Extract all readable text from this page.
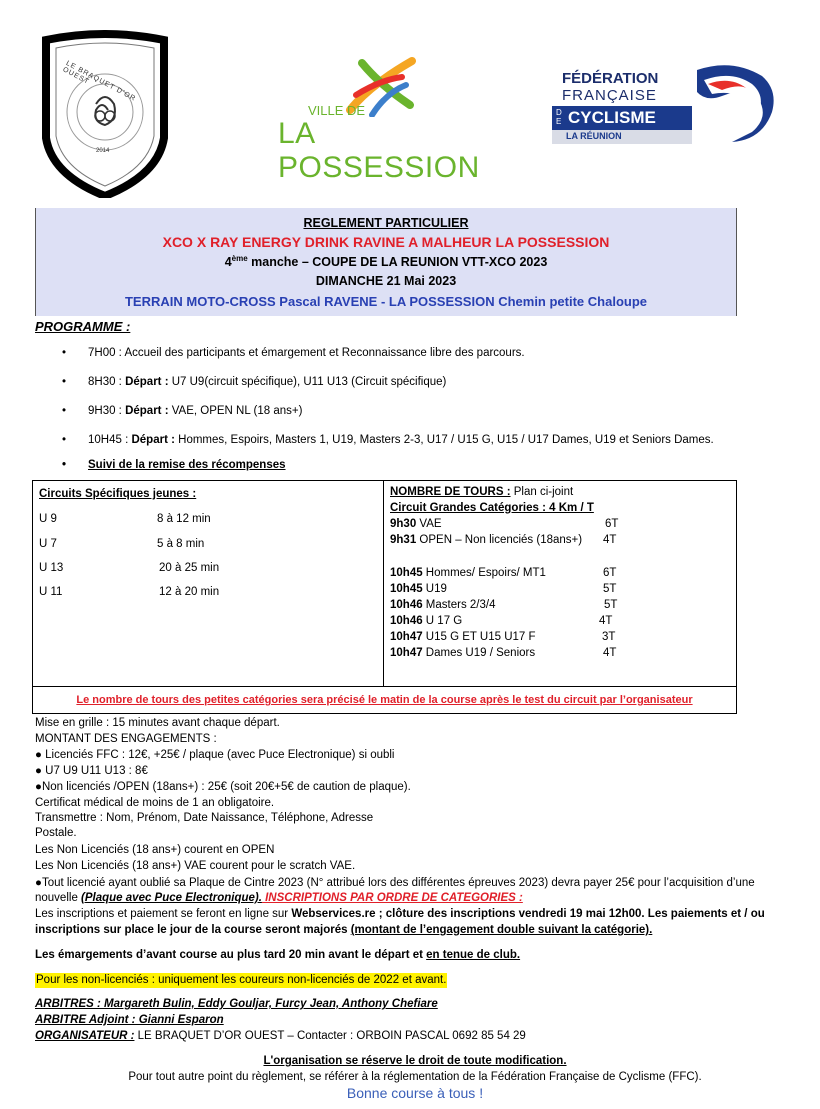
LE BRAQUET D'OR OUEST
2014
VILLE DE
LA POSSESSION
FÉDÉRATION
FRANÇAISE
DE CYCLISME
LA RÉUNION
REGLEMENT PARTICULIER
XCO X RAY ENERGY DRINK RAVINE A MALHEUR LA POSSESSION
4ème manche – COUPE DE LA REUNION VTT-XCO 2023
DIMANCHE 21 Mai 2023
TERRAIN MOTO-CROSS Pascal RAVENE - LA POSSESSION Chemin petite Chaloupe
PROGRAMME :
• 7H00 : Accueil des participants et émargement et Reconnaissance libre des parcours.
• 8H30 : Départ : U7 U9(circuit spécifique), U11 U13 (Circuit spécifique)
• 9H30 : Départ : VAE, OPEN NL (18 ans+)
• 10H45 : Départ : Hommes, Espoirs, Masters 1, U19, Masters 2-3, U17 / U15 G, U15 / U17 Dames, U19 et Seniors Dames.
• Suivi de la remise des récompenses
Circuits Spécifiques jeunes :
U 9	8 à 12 min
U 7	5 à 8 min
U 13	20 à 25 min
U 11	12 à 20 min
NOMBRE DE TOURS : Plan ci-joint
Circuit Grandes Catégories : 4 Km / T
9h30 VAE	6T
9h31 OPEN – Non licenciés (18ans+) 4T
10h45 Hommes/ Espoirs/ MT1	6T
10h45 U19	5T
10h46 Masters 2/3/4	5T
10h46 U 17 G	4T
10h47 U15 G ET U15 U17 F	3T
10h47 Dames U19 / Seniors	4T
Le nombre de tours des petites catégories sera précisé le matin de la course après le test du circuit par l’organisateur
Mise en grille : 15 minutes avant chaque départ.
MONTANT DES ENGAGEMENTS :
● Licenciés FFC : 12€, +25€ / plaque (avec Puce Electronique) si oubli
● U7 U9 U11 U13 : 8€
●Non licenciés /OPEN (18ans+) : 25€ (soit 20€+5€ de caution de plaque).
Certificat médical de moins de 1 an obligatoire.
Transmettre : Nom, Prénom, Date Naissance, Téléphone, Adresse
Postale.
Les Non Licenciés (18 ans+) courent en OPEN
Les Non Licenciés (18 ans+) VAE courent pour le scratch VAE.
●Tout licencié ayant oublié sa Plaque de Cintre 2023 (N° attribué lors des différentes épreuves 2023) devra payer 25€ pour l’acquisition d’une
nouvelle (Plaque avec Puce Electronique). INSCRIPTIONS PAR ORDRE DE CATEGORIES :
Les inscriptions et paiement se feront en ligne sur Webservices.re ; clôture des inscriptions vendredi 19 mai 12h00. Les paiements et / ou
inscriptions sur place le jour de la course seront majorés (montant de l’engagement double suivant la catégorie).
Les émargements d’avant course au plus tard 20 min avant le départ et en tenue de club.
Pour les non-licenciés : uniquement les coureurs non-licenciés de 2022 et avant.
ARBITRES : Margareth Bulin, Eddy Gouljar, Furcy Jean, Anthony Chefiare
ARBITRE Adjoint : Gianni Esparon
ORGANISATEUR : LE BRAQUET D’OR OUEST – Contacter : ORBOIN PASCAL 0692 85 54 29
L'organisation se réserve le droit de toute modification.
Pour tout autre point du règlement, se référer à la réglementation de la Fédération Française de Cyclisme (FFC).
Bonne course à tous !
